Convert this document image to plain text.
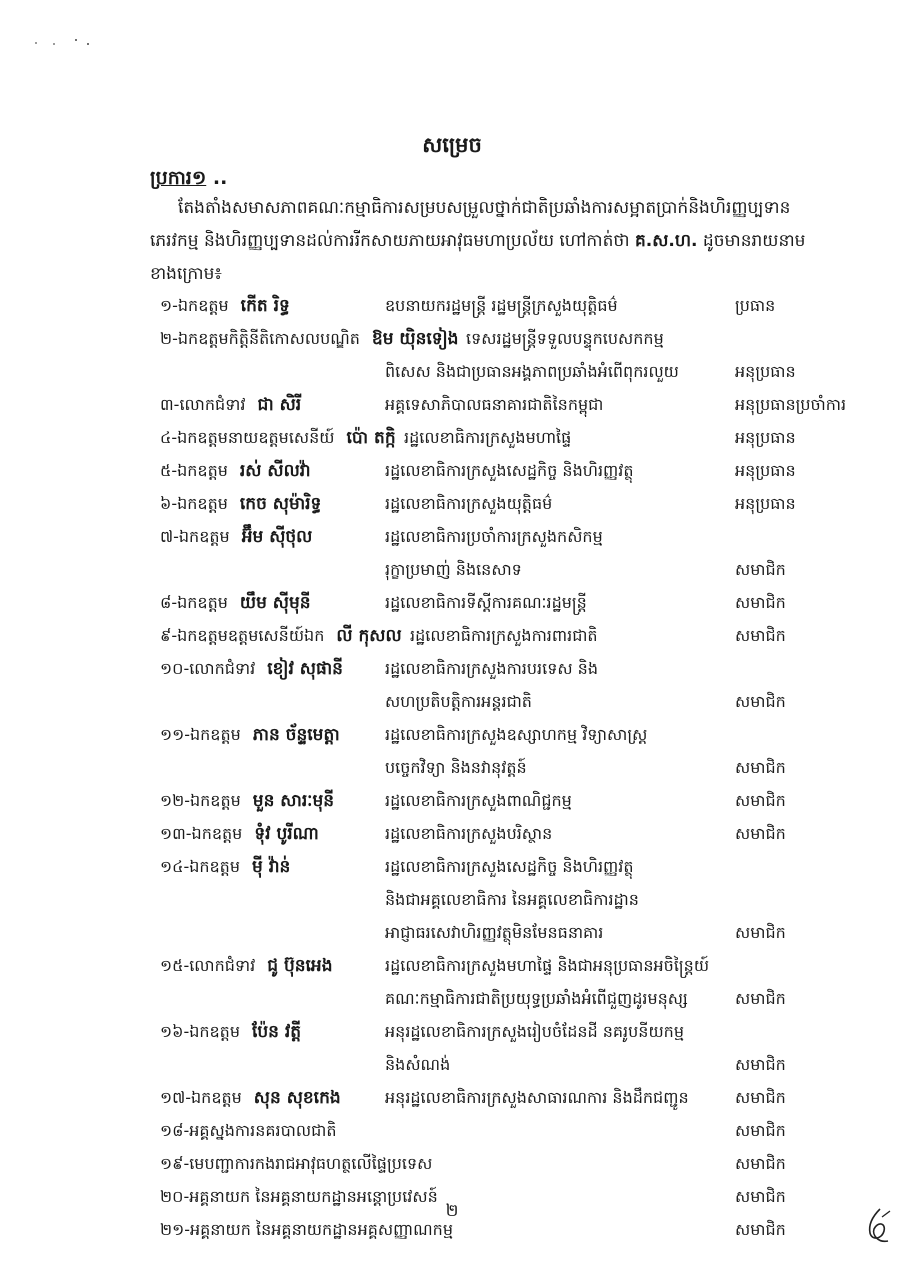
សម្រេច
ប្រការ១ ..

តែងតាំងសមាសភាពគណៈកម្មាធិការសម្របសម្រួលថ្នាក់ជាតិប្រឆាំងការសម្អាតប្រាក់និងហិរញ្ញប្បទាន

ភេរវកម្ម និងហិរញ្ញប្បទានដល់ការរីកសាយភាយអាវុធមហាប្រល័យ ហៅកាត់ថា គ.ស.ហ. ដូចមានរាយនាម

ខាងក្រោម៖

១-ឯកឧត្តម កើត រិទ្ធ	ឧបនាយករដ្ឋមន្ត្រី រដ្ឋមន្ត្រីក្រសួងយុត្តិធម៌	ប្រធាន
២-ឯកឧត្តមកិត្តិនីតិកោសលបណ្ឌិត ឱម យ៉ិនទៀង ទេសរដ្ឋមន្ត្រីទទួលបន្ទុកបេសកកម្ម
ពិសេស និងជាប្រធានអង្គភាពប្រឆាំងអំពើពុករលួយ	អនុប្រធាន
៣-លោកជំទាវ ជា សិរី	អគ្គទេសាភិបាលធនាគារជាតិនៃកម្ពុជា	អនុប្រធានប្រចាំការ
៤-ឯកឧត្តមនាយឧត្តមសេនីយ៍ ប៉ោ តក្កិ រដ្ឋលេខាធិការក្រសួងមហាផ្ទៃ	អនុប្រធាន
៥-ឯកឧត្តម រស់ សីលវ៉ា	រដ្ឋលេខាធិការក្រសួងសេដ្ឋកិច្ច និងហិរញ្ញវត្ថុ	អនុប្រធាន
៦-ឯកឧត្តម កេច សុម៉ារិទ្ធ	រដ្ឋលេខាធិការក្រសួងយុត្តិធម៌	អនុប្រធាន
៧-ឯកឧត្តម អ៊ឹម ស៊ីថុល	រដ្ឋលេខាធិការប្រចាំការក្រសួងកសិកម្ម
រុក្ខាប្រមាញ់ និងនេសាទ	សមាជិក
៨-ឯកឧត្តម យឹម ស៊ីមុនី	រដ្ឋលេខាធិការទីស្តីការគណៈរដ្ឋមន្ត្រី	សមាជិក
៩-ឯកឧត្តមឧត្តមសេនីយ៍ឯក លី កុសល រដ្ឋលេខាធិការក្រសួងការពារជាតិ	សមាជិក
១០-លោកជំទាវ ខៀវ សុផានី	រដ្ឋលេខាធិការក្រសួងការបរទេស និង
សហប្រតិបត្តិការអន្តរជាតិ	សមាជិក
១១-ឯកឧត្តម ភាន ច័ន្ទមេត្តា	រដ្ឋលេខាធិការក្រសួងឧស្សាហកម្ម វិទ្យាសាស្ត្រ
បច្ចេកវិទ្យា និងនវានុវត្តន៍	សមាជិក
១២-ឯកឧត្តម មួន សារៈមុនី	រដ្ឋលេខាធិការក្រសួងពាណិជ្ជកម្ម	សមាជិក
១៣-ឯកឧត្តម ទុំវ បូរីណា	រដ្ឋលេខាធិការក្រសួងបរិស្ថាន	សមាជិក
១៤-ឯកឧត្តម ម៉ី វ៉ាន់	រដ្ឋលេខាធិការក្រសួងសេដ្ឋកិច្ច និងហិរញ្ញវត្ថុ
និងជាអគ្គលេខាធិការ នៃអគ្គលេខាធិការដ្ឋាន
អាជ្ញាធរសេវាហិរញ្ញវត្ថុមិនមែនធនាគារ	សមាជិក
១៥-លោកជំទាវ ជូ ប៊ុនអេង	រដ្ឋលេខាធិការក្រសួងមហាផ្ទៃ និងជាអនុប្រធានអចិន្ត្រៃយ៍
គណៈកម្មាធិការជាតិប្រយុទ្ធប្រឆាំងអំពើជួញដូរមនុស្ស	សមាជិក
១៦-ឯកឧត្តម ប៉ែន វត្តី	អនុរដ្ឋលេខាធិការក្រសួងរៀបចំដែនដី នគរូបនីយកម្ម
និងសំណង់	សមាជិក
១៧-ឯកឧត្តម សុន សុខកេង	អនុរដ្ឋលេខាធិការក្រសួងសាធារណការ និងដឹកជញ្ជូន	សមាជិក
១៨-អគ្គស្នងការនគរបាលជាតិ	សមាជិក
១៩-មេបញ្ជាការកងរាជអាវុធហត្ថលើផ្ទៃប្រទេស	សមាជិក
២០-អគ្គនាយក នៃអគ្គនាយកដ្ឋានអន្តោប្រវេសន៍	សមាជិក
២១-អគ្គនាយក នៃអគ្គនាយកដ្ឋានអគ្គសញ្ញាណកម្ម	សមាជិក
២
